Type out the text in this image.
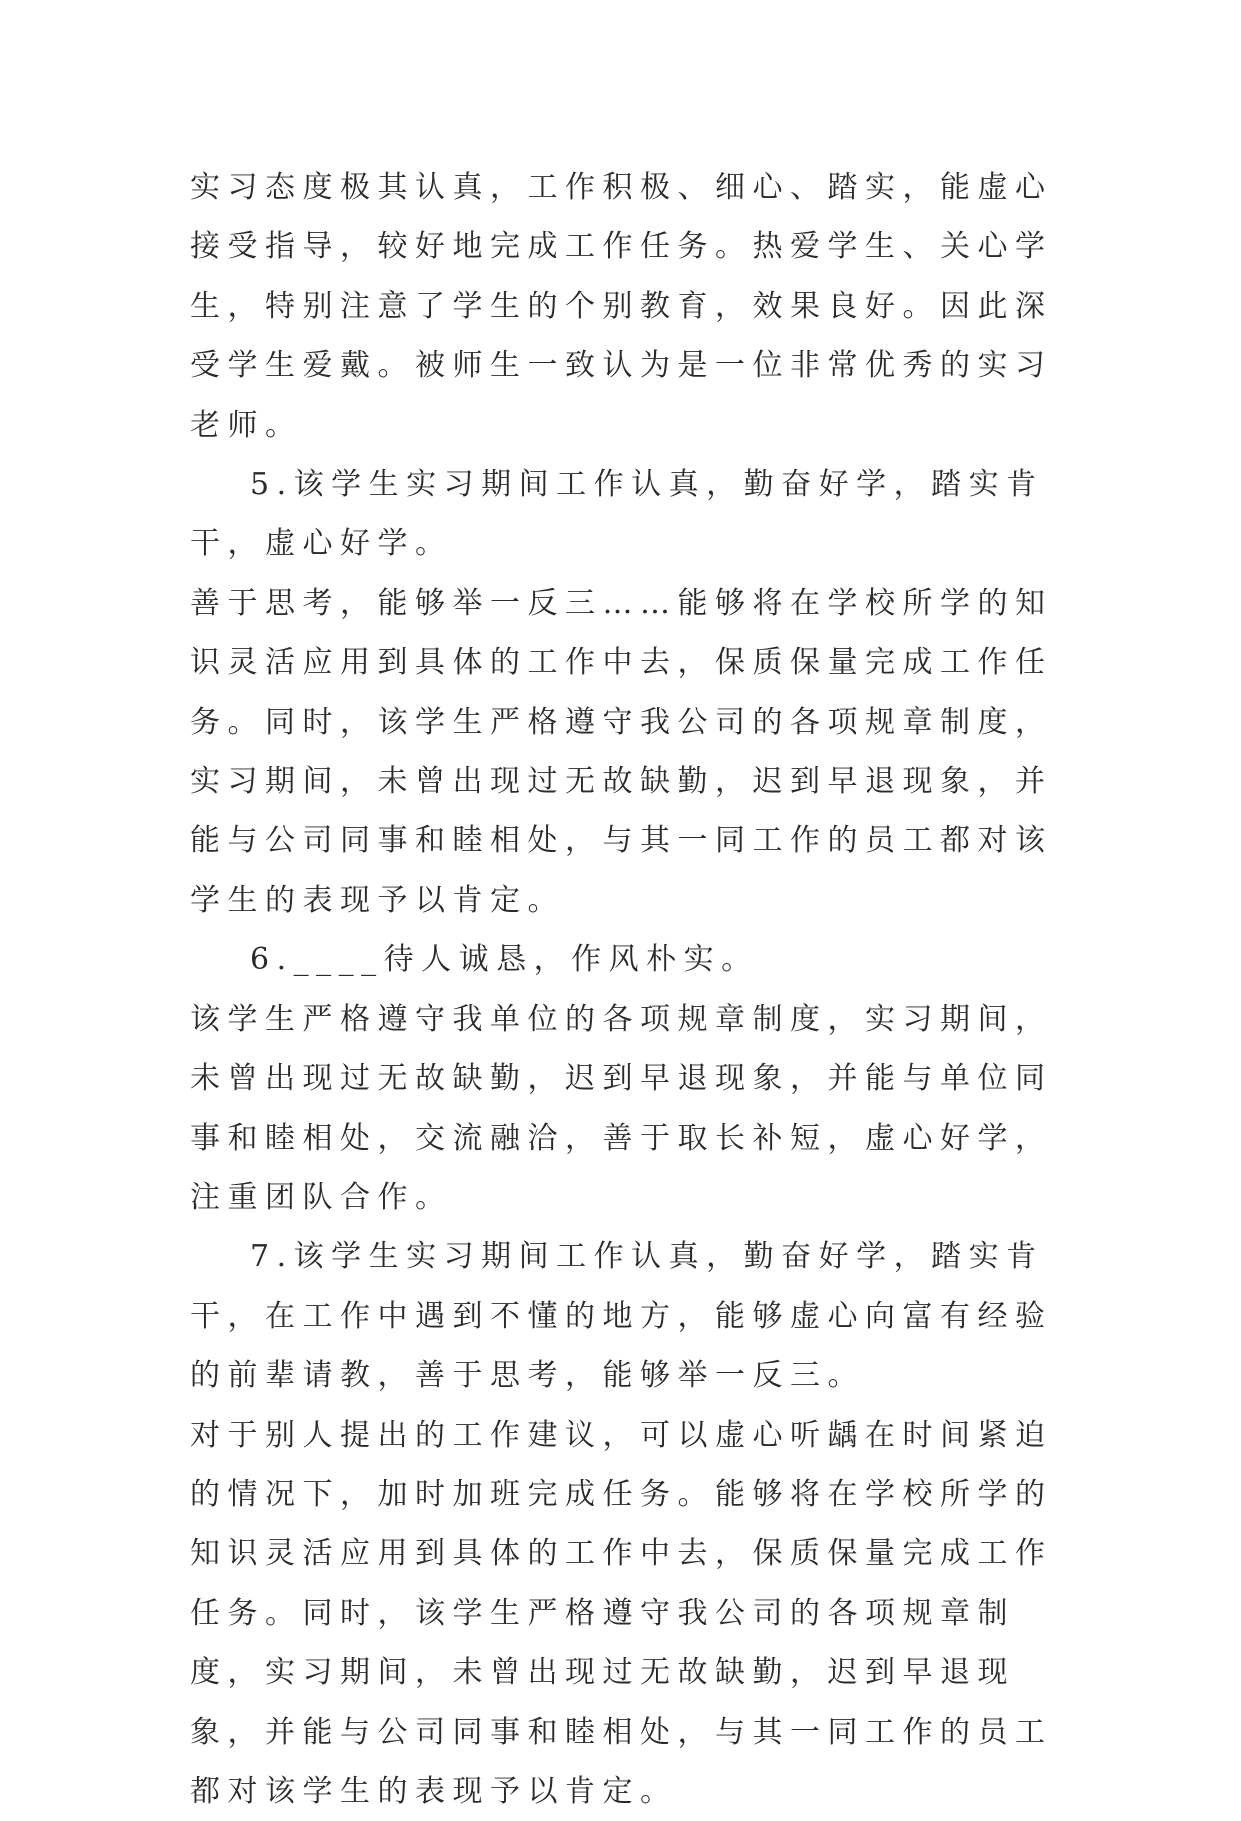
实习态度极其认真，工作积极、细心、踏实，能虚心接受指导，较好地完成工作任务。热爱学生、关心学生，特别注意了学生的个别教育，效果良好。因此深受学生爱戴。被师生一致认为是一位非常优秀的实习老师。

5.该学生实习期间工作认真，勤奋好学，踏实肯干，虚心好学。

善于思考，能够举一反三……能够将在学校所学的知识灵活应用到具体的工作中去，保质保量完成工作任务。同时，该学生严格遵守我公司的各项规章制度，实习期间，未曾出现过无故缺勤，迟到早退现象，并能与公司同事和睦相处，与其一同工作的员工都对该学生的表现予以肯定。

6.____待人诚恳，作风朴实。

该学生严格遵守我单位的各项规章制度，实习期间，未曾出现过无故缺勤，迟到早退现象，并能与单位同事和睦相处，交流融洽，善于取长补短，虚心好学，注重团队合作。

7.该学生实习期间工作认真，勤奋好学，踏实肯干，在工作中遇到不懂的地方，能够虚心向富有经验的前辈请教，善于思考，能够举一反三。

对于别人提出的工作建议，可以虚心听龋在时间紧迫的情况下，加时加班完成任务。能够将在学校所学的知识灵活应用到具体的工作中去，保质保量完成工作任务。同时，该学生严格遵守我公司的各项规章制度，实习期间，未曾出现过无故缺勤，迟到早退现象，并能与公司同事和睦相处，与其一同工作的员工都对该学生的表现予以肯定。
